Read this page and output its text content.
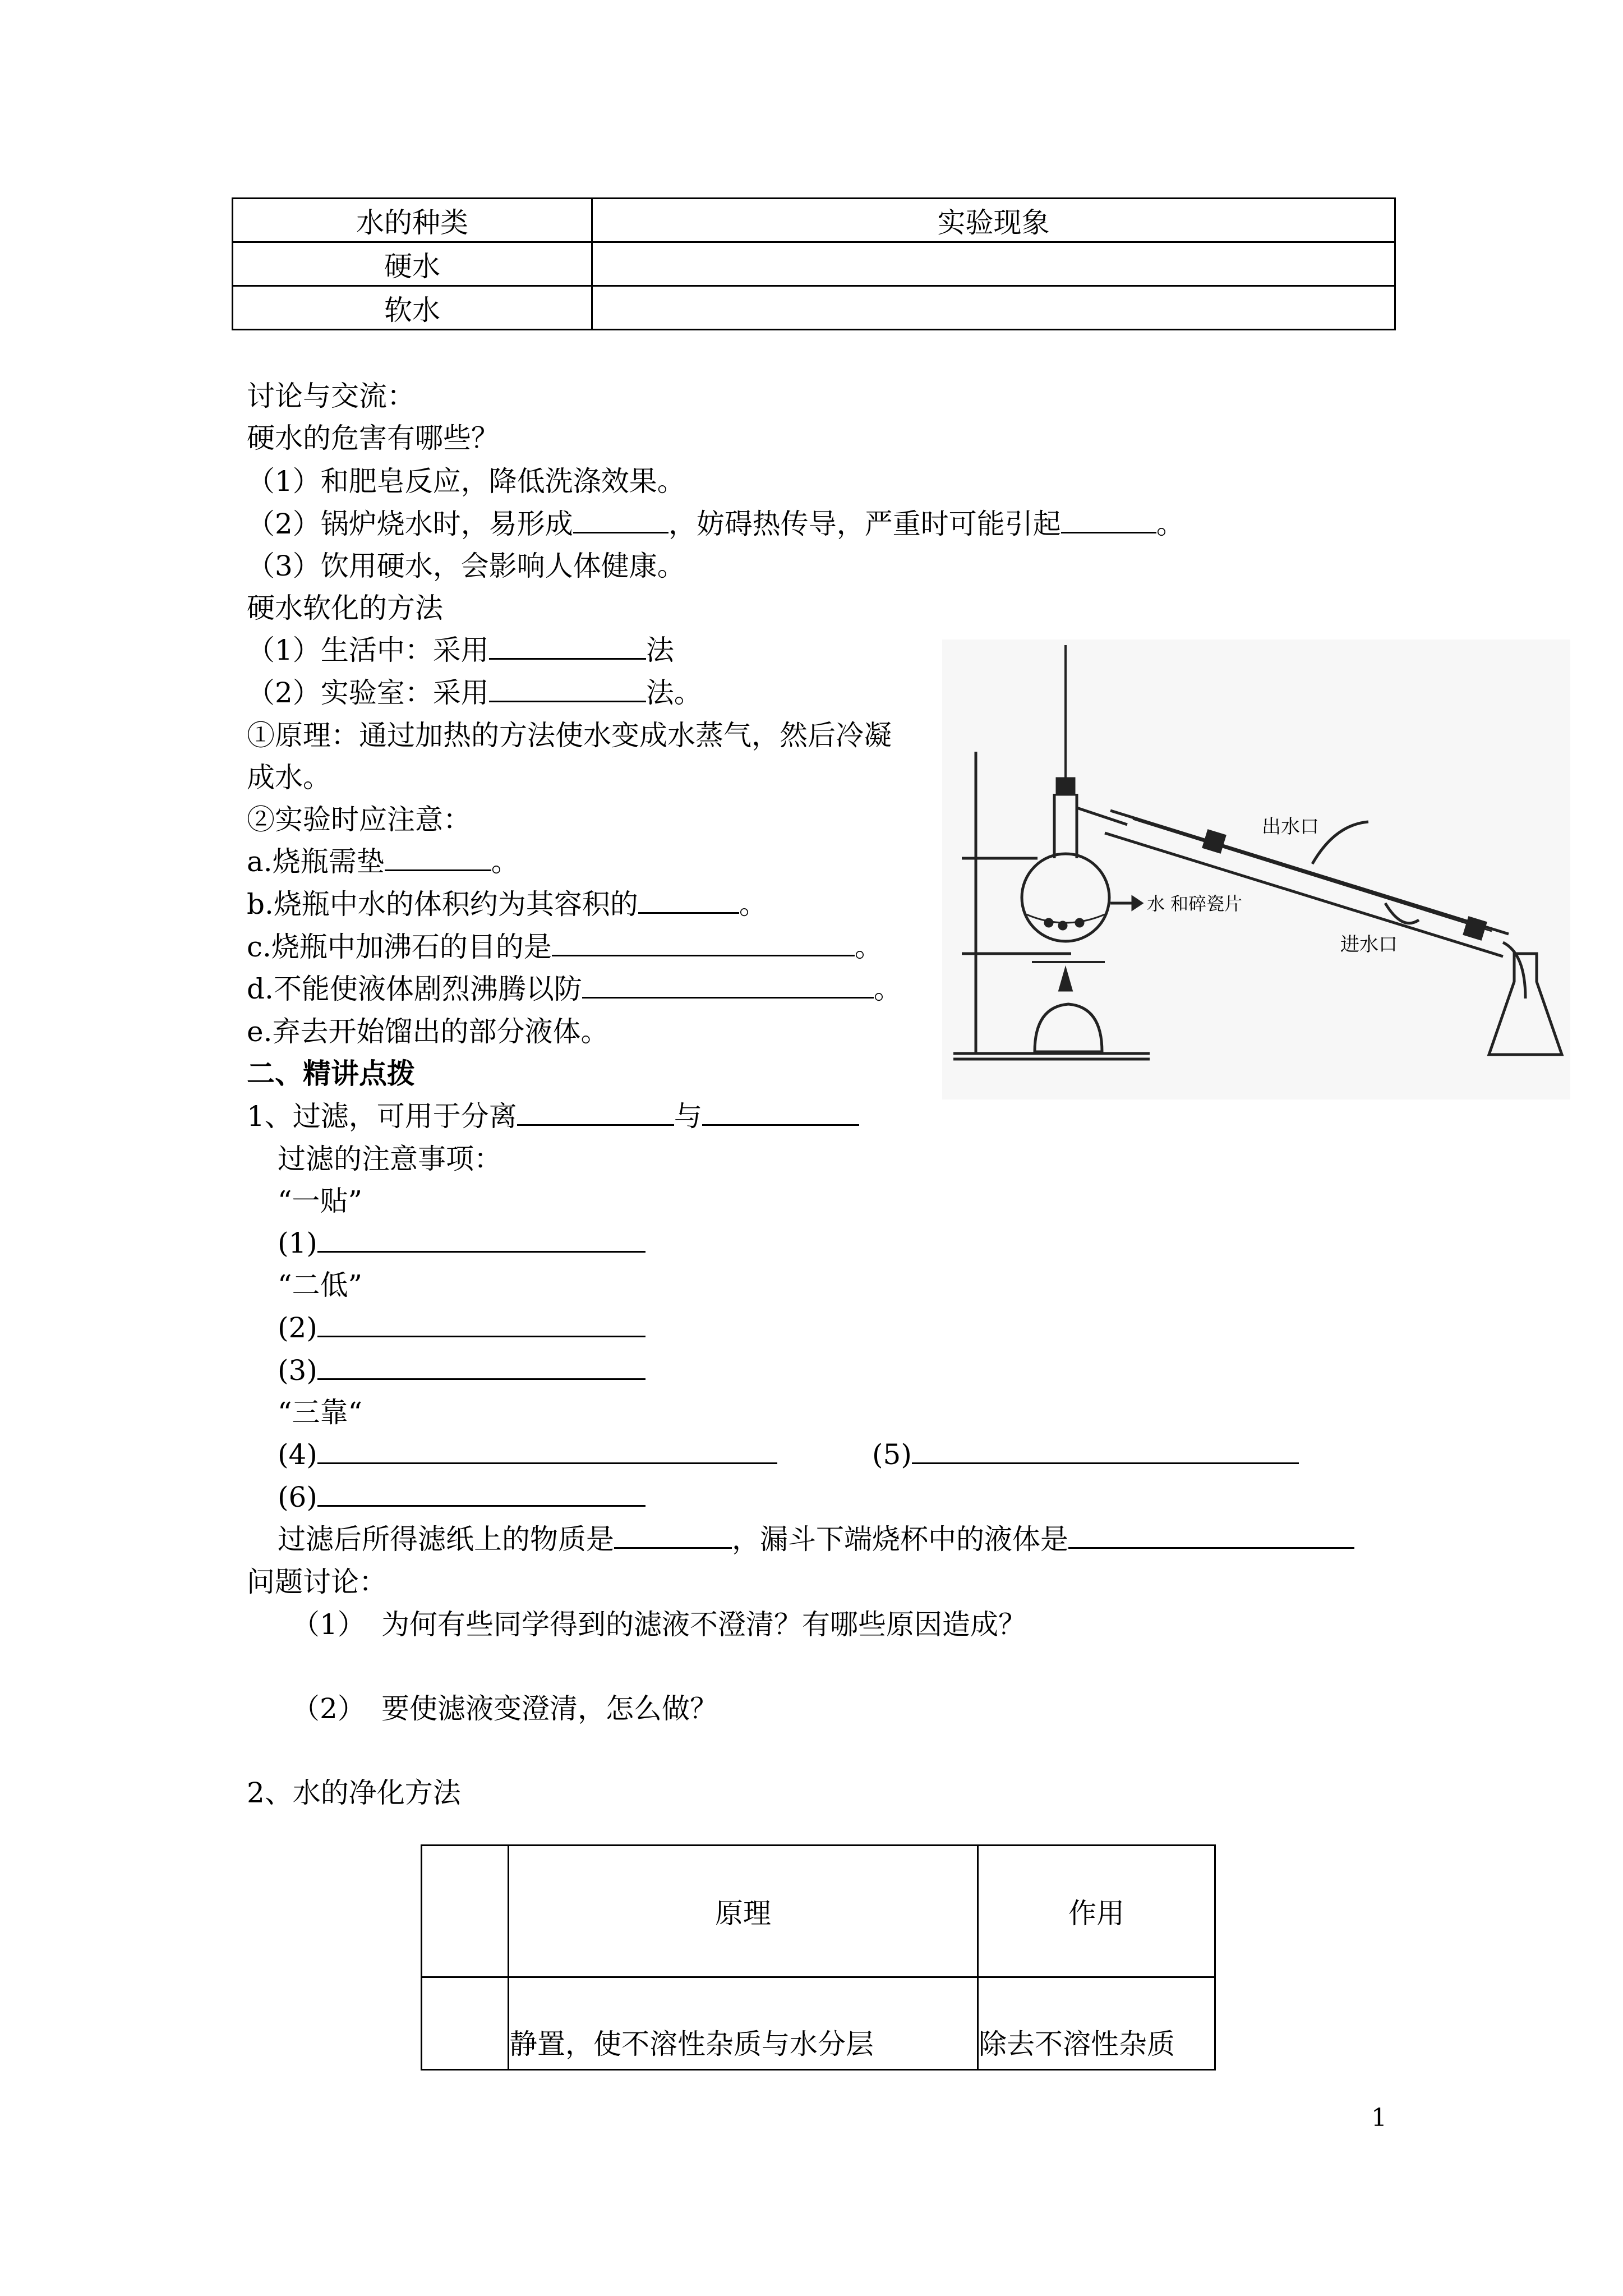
水的种类	实验现象
硬水	
软水	
讨论与交流：
硬水的危害有哪些？
（1）和肥皂反应，降低洗涤效果。
（2）锅炉烧水时，易形成	，妨碍热传导，严重时可能引起	。
（3）饮用硬水，会影响人体健康。
硬水软化的方法
（1）生活中：采用	法
（2）实验室：采用	法。
①原理：通过加热的方法使水变成水蒸气，然后冷凝
成水。
②实验时应注意：
a.烧瓶需垫	。
b.烧瓶中水的体积约为其容积的	。
c.烧瓶中加沸石的目的是	。
d.不能使液体剧烈沸腾以防	。
e.弃去开始馏出的部分液体。
出水口
进水口
水 和碎瓷片
二、精讲点拨
1、过滤，可用于分离	与
过滤的注意事项：
“一贴”
(1)
“二低”
(2)
(3)
“三靠“
(4)	(5)
(6)
过滤后所得滤纸上的物质是	，漏斗下端烧杯中的液体是
问题讨论：
（1） 为何有些同学得到的滤液不澄清？有哪些原因造成？
（2） 要使滤液变澄清，怎么做？
2、水的净化方法
	原理	作用
	静置，使不溶性杂质与水分层	除去不溶性杂质
1
